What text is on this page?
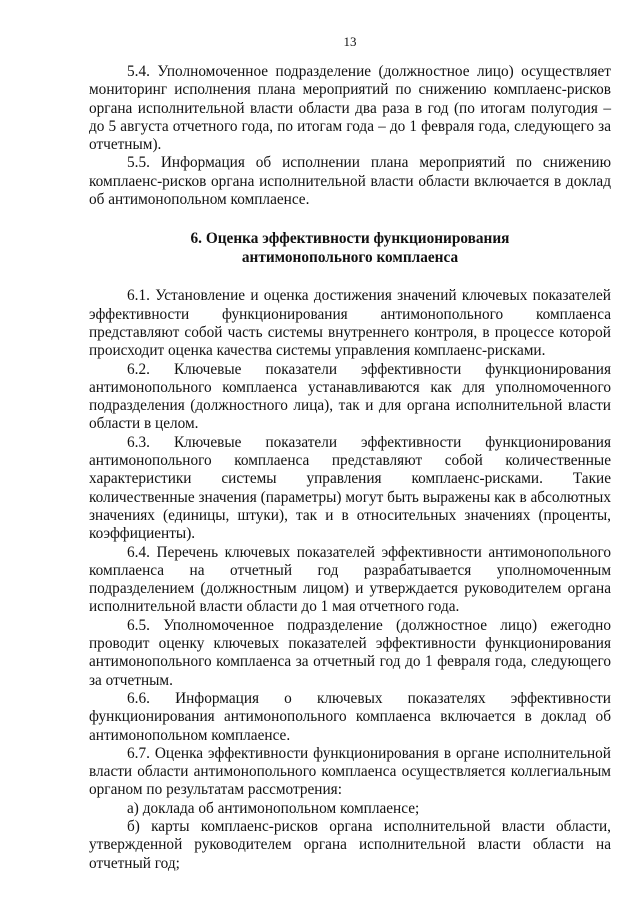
13

5.4. Уполномоченное подразделение (должностное лицо) осуществляет мониторинг исполнения плана мероприятий по снижению комплаенс-рисков органа исполнительной власти области два раза в год (по итогам полугодия – до 5 августа отчетного года, по итогам года – до 1 февраля года, следующего за отчетным).

5.5. Информация об исполнении плана мероприятий по снижению комплаенс-рисков органа исполнительной власти области включается в доклад об антимонопольном комплаенсе.

6. Оценка эффективности функционирования
антимонопольного комплаенса

6.1. Установление и оценка достижения значений ключевых показателей эффективности функционирования антимонопольного комплаенса представляют собой часть системы внутреннего контроля, в процессе которой происходит оценка качества системы управления комплаенс-рисками.

6.2. Ключевые показатели эффективности функционирования антимонопольного комплаенса устанавливаются как для уполномоченного подразделения (должностного лица), так и для органа исполнительной власти области в целом.

6.3. Ключевые показатели эффективности функционирования антимонопольного комплаенса представляют собой количественные характеристики системы управления комплаенс-рисками. Такие количественные значения (параметры) могут быть выражены как в абсолютных значениях (единицы, штуки), так и в относительных значениях (проценты, коэффициенты).

6.4. Перечень ключевых показателей эффективности антимонопольного комплаенса на отчетный год разрабатывается уполномоченным подразделением (должностным лицом) и утверждается руководителем органа исполнительной власти области до 1 мая отчетного года.

6.5. Уполномоченное подразделение (должностное лицо) ежегодно проводит оценку ключевых показателей эффективности функционирования антимонопольного комплаенса за отчетный год до 1 февраля года, следующего за отчетным.

6.6. Информация о ключевых показателях эффективности функционирования антимонопольного комплаенса включается в доклад об антимонопольном комплаенсе.

6.7. Оценка эффективности функционирования в органе исполнительной власти области антимонопольного комплаенса осуществляется коллегиальным органом по результатам рассмотрения:

а) доклада об антимонопольном комплаенсе;

б) карты комплаенс-рисков органа исполнительной власти области, утвержденной руководителем органа исполнительной власти области на отчетный год;
